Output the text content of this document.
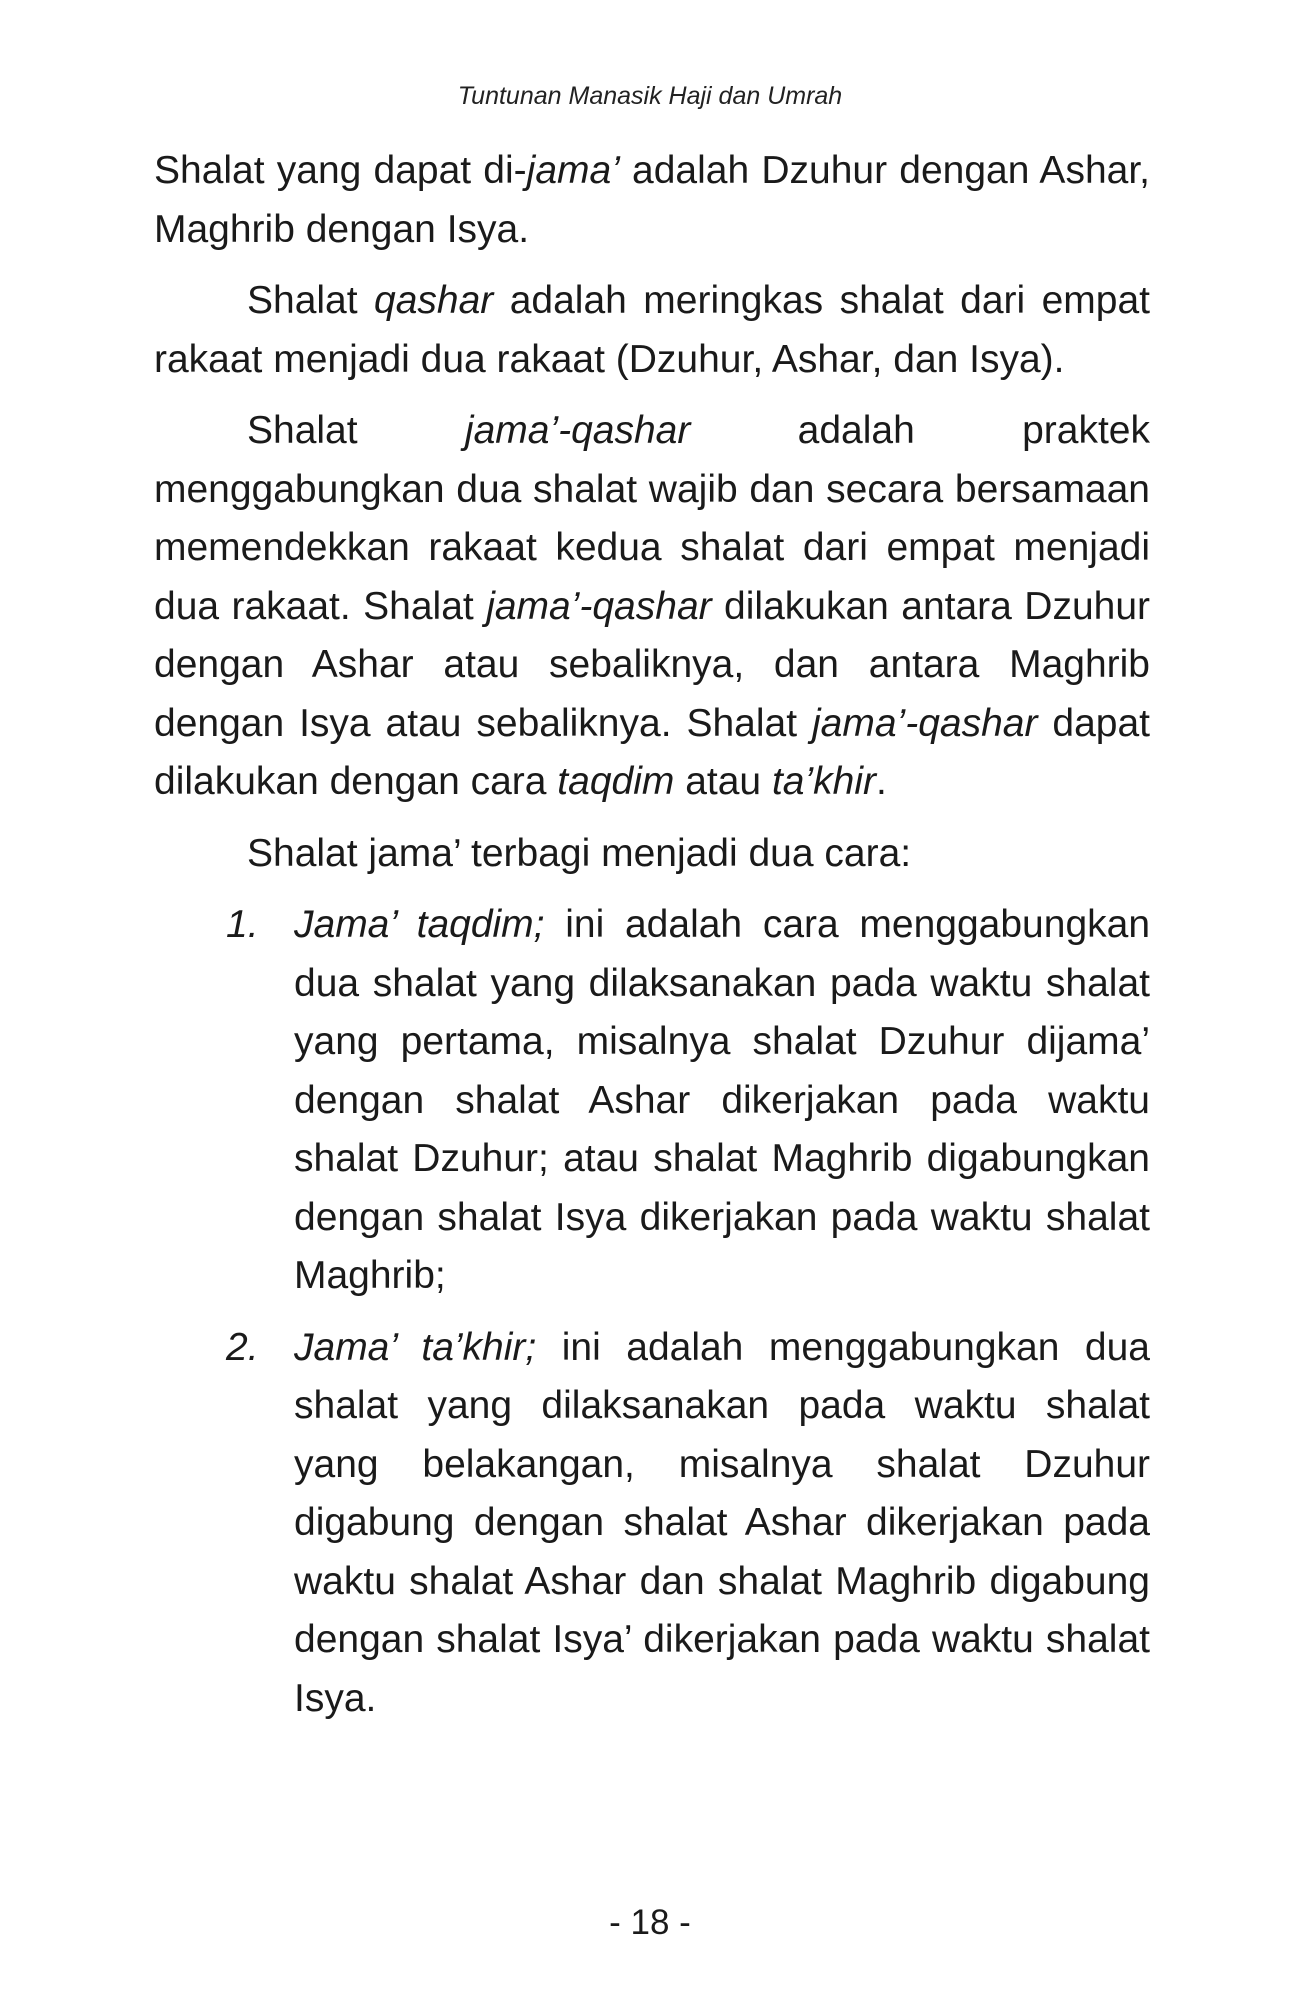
Tuntunan Manasik Haji dan Umrah

Shalat yang dapat di-jama’ adalah Dzuhur dengan Ashar, Maghrib dengan Isya.

Shalat qashar adalah meringkas shalat dari empat rakaat menjadi dua rakaat (Dzuhur, Ashar, dan Isya).

Shalat jama’-qashar adalah praktek menggabungkan dua shalat wajib dan secara bersamaan memendekkan rakaat kedua shalat dari empat menjadi dua rakaat. Shalat jama’-qashar dilakukan antara Dzuhur dengan Ashar atau sebaliknya, dan antara Maghrib dengan Isya atau sebaliknya. Shalat jama’-qashar dapat dilakukan dengan cara taqdim atau ta’khir.

Shalat jama’ terbagi menjadi dua cara:

1. Jama’ taqdim; ini adalah cara menggabungkan dua shalat yang dilaksanakan pada waktu shalat yang pertama, misalnya shalat Dzuhur dijama’ dengan shalat Ashar dikerjakan pada waktu shalat Dzuhur; atau shalat Maghrib digabungkan dengan shalat Isya dikerjakan pada waktu shalat Maghrib;
2. Jama’ ta’khir; ini adalah menggabungkan dua shalat yang dilaksanakan pada waktu shalat yang belakangan, misalnya shalat Dzuhur digabung dengan shalat Ashar dikerjakan pada waktu shalat Ashar dan shalat Maghrib digabung dengan shalat Isya’ dikerjakan pada waktu shalat Isya.
- 18 -
